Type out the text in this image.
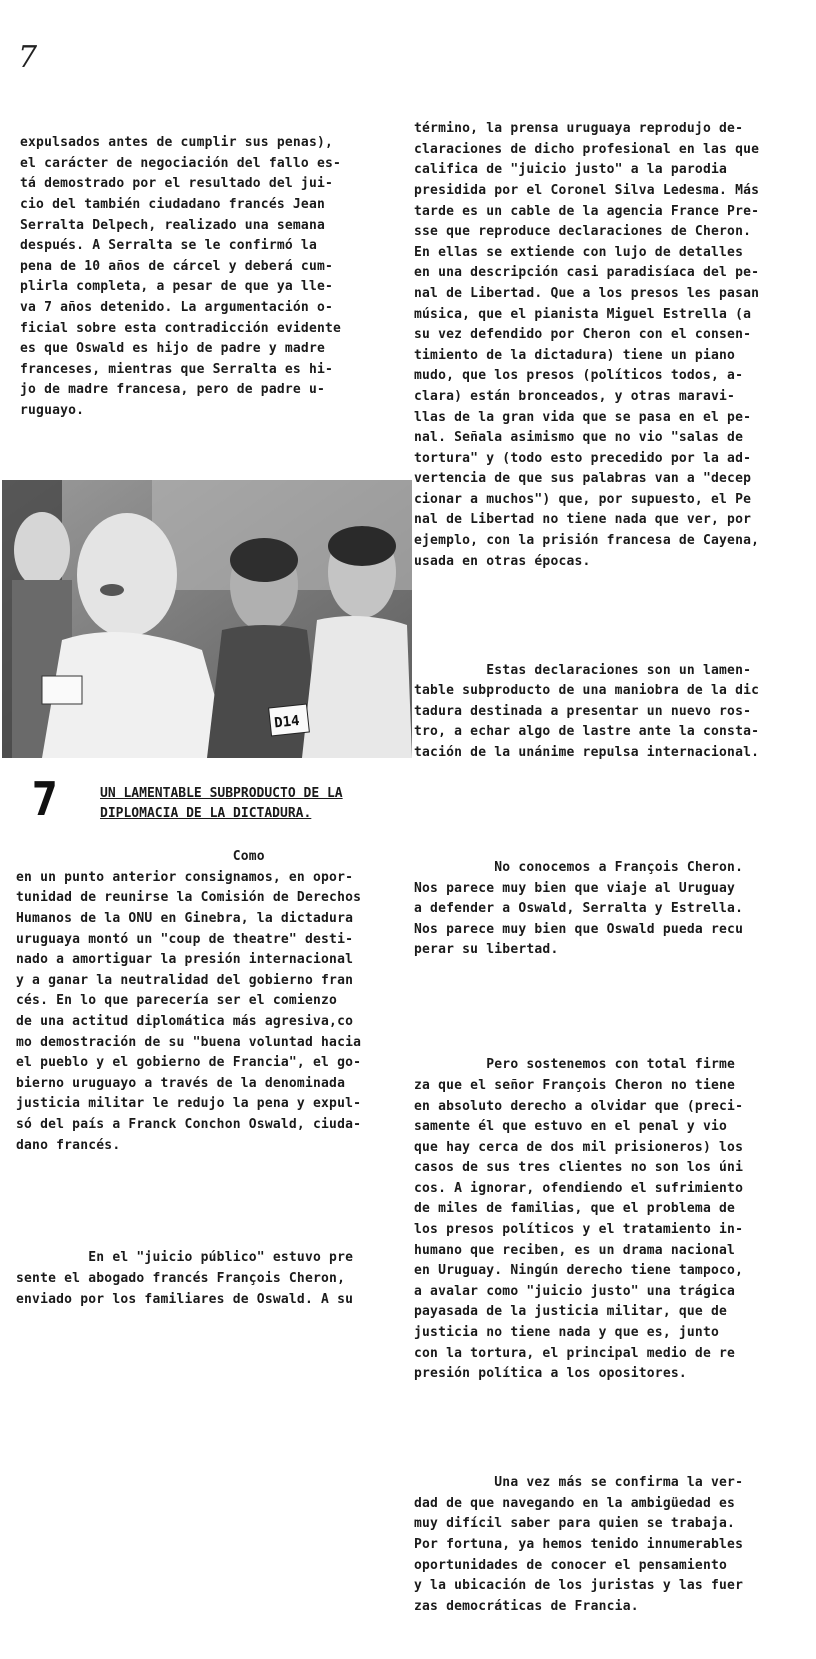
7

expulsados antes de cumplir sus penas),
el carácter de negociación del fallo es-
tá demostrado por el resultado del jui-
cio del también ciudadano francés Jean
Serralta Delpech, realizado una semana
después. A Serralta se le confirmó la
pena de 10 años de cárcel y deberá cum-
plirla completa, a pesar de que ya lle-
va 7 años detenido. La argumentación o-
ficial sobre esta contradicción evidente
es que Oswald es hijo de padre y madre
franceses, mientras que Serralta es hi-
jo de madre francesa, pero de padre u-
ruguayo.

D14
7	UN LAMENTABLE SUBPRODUCTO DE LA
DIPLOMACIA DE LA DICTADURA.

Como
en un punto anterior consignamos, en opor-
tunidad de reunirse la Comisión de Derechos
Humanos de la ONU en Ginebra, la dictadura
uruguaya montó un "coup de theatre" desti-
nado a amortiguar la presión internacional
y a ganar la neutralidad del gobierno fran
cés. En lo que parecería ser el comienzo
de una actitud diplomática más agresiva,co
mo demostración de su "buena voluntad hacia
el pueblo y el gobierno de Francia", el go-
bierno uruguayo a través de la denominada
justicia militar le redujo la pena y expul-
só del país a Franck Conchon Oswald, ciuda-
dano francés.

En el "juicio público" estuvo pre
sente el abogado francés François Cheron,
enviado por los familiares de Oswald. A su

término, la prensa uruguaya reprodujo de-
claraciones de dicho profesional en las que
califica de "juicio justo" a la parodia
presidida por el Coronel Silva Ledesma. Más
tarde es un cable de la agencia France Pre-
sse que reproduce declaraciones de Cheron.
En ellas se extiende con lujo de detalles
en una descripción casi paradisíaca del pe-
nal de Libertad. Que a los presos les pasan
música, que el pianista Miguel Estrella (a
su vez defendido por Cheron con el consen-
timiento de la dictadura) tiene un piano
mudo, que los presos (políticos todos, a-
clara) están bronceados, y otras maravi-
llas de la gran vida que se pasa en el pe-
nal. Señala asimismo que no vio "salas de
tortura" y (todo esto precedido por la ad-
vertencia de que sus palabras van a "decep
cionar a muchos") que, por supuesto, el Pe
nal de Libertad no tiene nada que ver, por
ejemplo, con la prisión francesa de Cayena,
usada en otras épocas.

Estas declaraciones son un lamen-
table subproducto de una maniobra de la dic
tadura destinada a presentar un nuevo ros-
tro, a echar algo de lastre ante la consta-
tación de la unánime repulsa internacional.

No conocemos a François Cheron.
Nos parece muy bien que viaje al Uruguay
a defender a Oswald, Serralta y Estrella.
Nos parece muy bien que Oswald pueda recu
perar su libertad.

Pero sostenemos con total firme
za que el señor François Cheron no tiene
en absoluto derecho a olvidar que (preci-
samente él que estuvo en el penal y vio
que hay cerca de dos mil prisioneros) los
casos de sus tres clientes no son los úni
cos. A ignorar, ofendiendo el sufrimiento
de miles de familias, que el problema de
los presos políticos y el tratamiento in-
humano que reciben, es un drama nacional
en Uruguay. Ningún derecho tiene tampoco,
a avalar como "juicio justo" una trágica
payasada de la justicia militar, que de
justicia no tiene nada y que es, junto
con la tortura, el principal medio de re
presión política a los opositores.

Una vez más se confirma la ver-
dad de que navegando en la ambigüedad es
muy difícil saber para quien se trabaja.
Por fortuna, ya hemos tenido innumerables
oportunidades de conocer el pensamiento
y la ubicación de los juristas y las fuer
zas democráticas de Francia.
